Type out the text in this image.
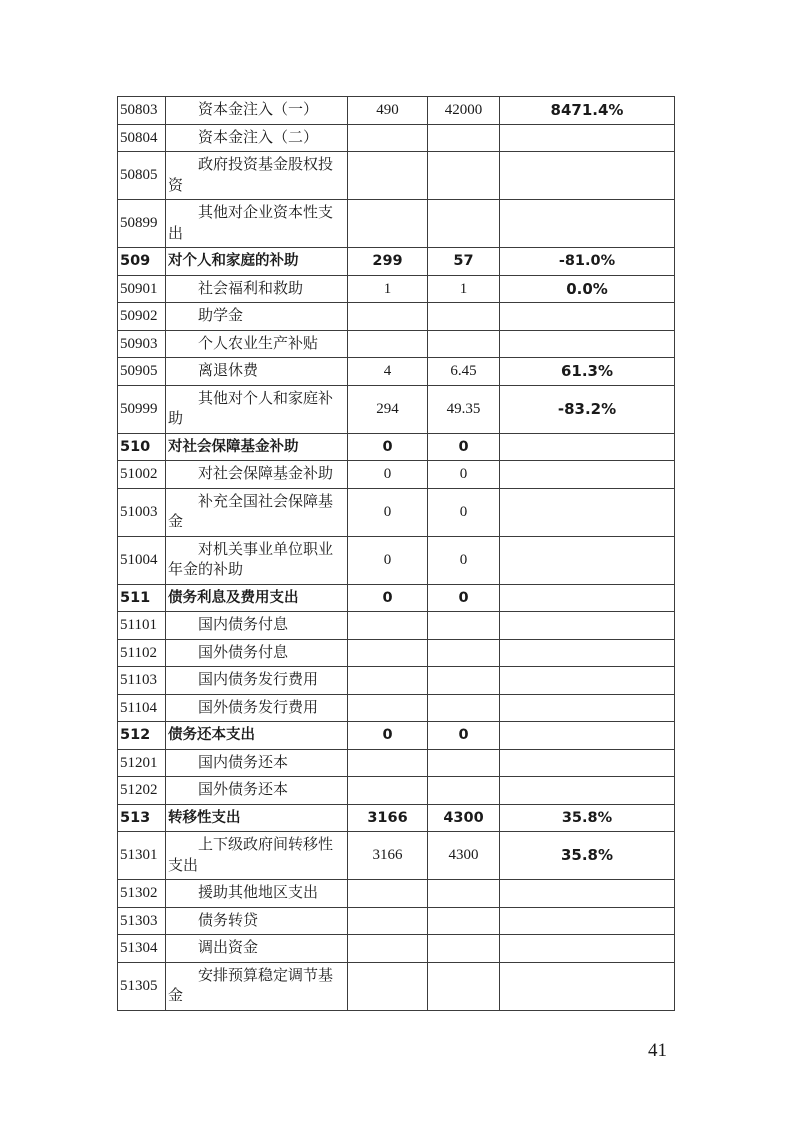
50803	资本金注入（一）	490	42000	8471.4%
50804	资本金注入（二）			
50805	政府投资基金股权投资			
50899	其他对企业资本性支出			
509	对个人和家庭的补助	299	57	-81.0%
50901	社会福利和救助	1	1	0.0%
50902	助学金			
50903	个人农业生产补贴			
50905	离退休费	4	6.45	61.3%
50999	其他对个人和家庭补助	294	49.35	-83.2%
510	对社会保障基金补助	0	0	
51002	对社会保障基金补助	0	0	
51003	补充全国社会保障基金	0	0	
51004	对机关事业单位职业年金的补助	0	0	
511	债务利息及费用支出	0	0	
51101	国内债务付息			
51102	国外债务付息			
51103	国内债务发行费用			
51104	国外债务发行费用			
512	债务还本支出	0	0	
51201	国内债务还本			
51202	国外债务还本			
513	转移性支出	3166	4300	35.8%
51301	上下级政府间转移性支出	3166	4300	35.8%
51302	援助其他地区支出			
51303	债务转贷			
51304	调出资金			
51305	安排预算稳定调节基金			
41
